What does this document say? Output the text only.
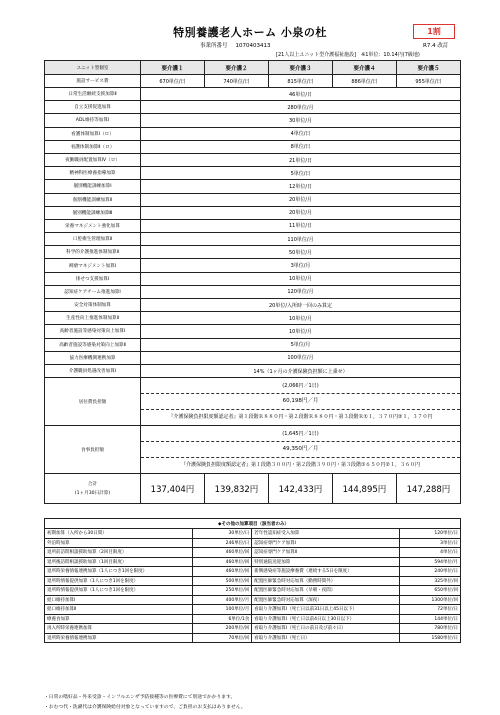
特別養護老人ホーム 小泉の杜	1割
事業所番号 1070403413	R7.4 改訂
[21人以上ユニット型介護福祉施設]　※1単位：10.14円(7級地)
ユニット型個室	要介護１	要介護２	要介護３	要介護４	要介護５

施設サービス費	670単位/日	740単位/日	815単位/日	886単位/日	955単位/日
日常生活継続支援加算Ⅱ	46単位/日				
自立支援促進加算	280単位/月				
ADL維持等加算Ⅰ	30単位/月				
看護体制加算Ⅰ（ロ）	4単位/日				
看護体制加算Ⅱ（ロ）	8単位/日				
夜勤職員配置加算Ⅳ（ロ）	21単位/日				
精神科医療養指導加算	5単位/日				
個別機能訓練加算Ⅰ	12単位/日				
個別機能訓練加算Ⅱ	20単位/月				
個別機能訓練加算Ⅲ	20単位/月				
栄養マネジメント強化加算	11単位/日				
口腔衛生管理加算Ⅱ	110単位/月				
科学的介護推進体制加算Ⅱ	50単位/月				
褥瘡マネジメント加算Ⅰ	3単位/月				
排せつ支援加算Ⅰ	10単位/月				
認知症ケアチーム推進加算Ⅰ	120単位/月				
安全対策体制加算	20単位/入所時一回のみ算定				
生産性向上推進体制加算Ⅱ	10単位/月				
高齢者施設等感染対策向上加算Ⅰ	10単位/月				
高齢者施設等感染対策向上加算Ⅱ	5単位/月				
協力医療機関連携加算	100単位/月				
介護職員処遇改善加算Ⅰ	14%（1ヶ月の介護保険負担額に上乗せ）				
居住費負担額	(2,066円／1日)
60,198円／月
『介護保険負担限度額認定者』第１段階Ｒ８８０円・第２段階Ｒ８８０円・第３段階Ｒ①１，３７０円②１，３７０円				

食事負担額	(1,645円／1日)
49,350円／月
『介護保険負担限度額認定者』第１段階３００円・第２段階３９０円・第３段階①６５０円②１，３６０円				

合計
(1ヶ月30日計算)	137,404円	139,832円	142,433円	144,895円	147,288円
◆その他の加算項目（該当者のみ）			
初期加算（入所から30日間）	30単位/日	若年性認知症受入加算	120単位/日
外泊時加算	246単位/日	認知症専門ケア加算Ⅰ	3単位/日
退所前訪問相談援助加算（2回目限度）	460単位/回	認知症専門ケア加算Ⅱ	4単位/日
退所後訪問相談援助加算（1回目限度）	460単位/回	特別通院送迎加算	594単位/月
退所時栄養情報連携加算（1人につき1回を限度）	460単位/回	新興感染症等施設療養費（連続する5日を限度）	240単位/日
退所時情報提供加算（1人につき1回を限度）	500単位/回	配置医師緊急時対応加算（勤務時間外）	325単位/回
退所時情報提供加算（1人につき1回を限度）	250単位/回	配置医師緊急時対応加算（早朝・夜間）	650単位/回
経口維持加算Ⅰ	400単位/月	配置医師緊急時対応加算（深夜）	1300単位/回
経口維持加算Ⅱ	100単位/月	看取り介護加算Ⅰ（死亡日以前31日以上45日以下）	72単位/日
療養食加算	6単位/1食	看取り介護加算Ⅰ（死亡日以前4日以上30日以下）	144単位/日
再入所時栄養連携加算	200単位/回	看取り介護加算Ⅰ（死亡日の前日及び前々日）	780単位/日
退所時栄養情報連携加算	70単位/回	看取り介護加算Ⅰ（死亡日）	1580単位/日
・日常の嗜好品・外来受診・インフルエンザ予防接種等の医療費にて別途でかかります。
・おむつ代・洗濯代は介護保険給付対象となっていますので、ご負担のお支払はありません。
